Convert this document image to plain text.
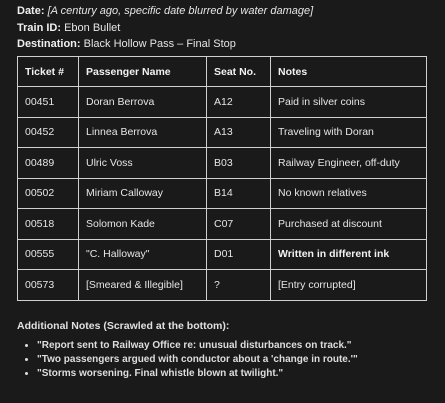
Date: [A century ago, specific date blurred by water damage]
Train ID: Ebon Bullet
Destination: Black Hollow Pass – Final Stop
Ticket #	Passenger Name	Seat No.	Notes
00451	Doran Berrova	A12	Paid in silver coins
00452	Linnea Berrova	A13	Traveling with Doran
00489	Ulric Voss	B03	Railway Engineer, off-duty
00502	Miriam Calloway	B14	No known relatives
00518	Solomon Kade	C07	Purchased at discount
00555	"C. Halloway"	D01	Written in different ink
00573	[Smeared & Illegible]	?	[Entry corrupted]
Additional Notes (Scrawled at the bottom):
• "Report sent to Railway Office re: unusual disturbances on track."
• "Two passengers argued with conductor about a 'change in route.'"
• "Storms worsening. Final whistle blown at twilight."
